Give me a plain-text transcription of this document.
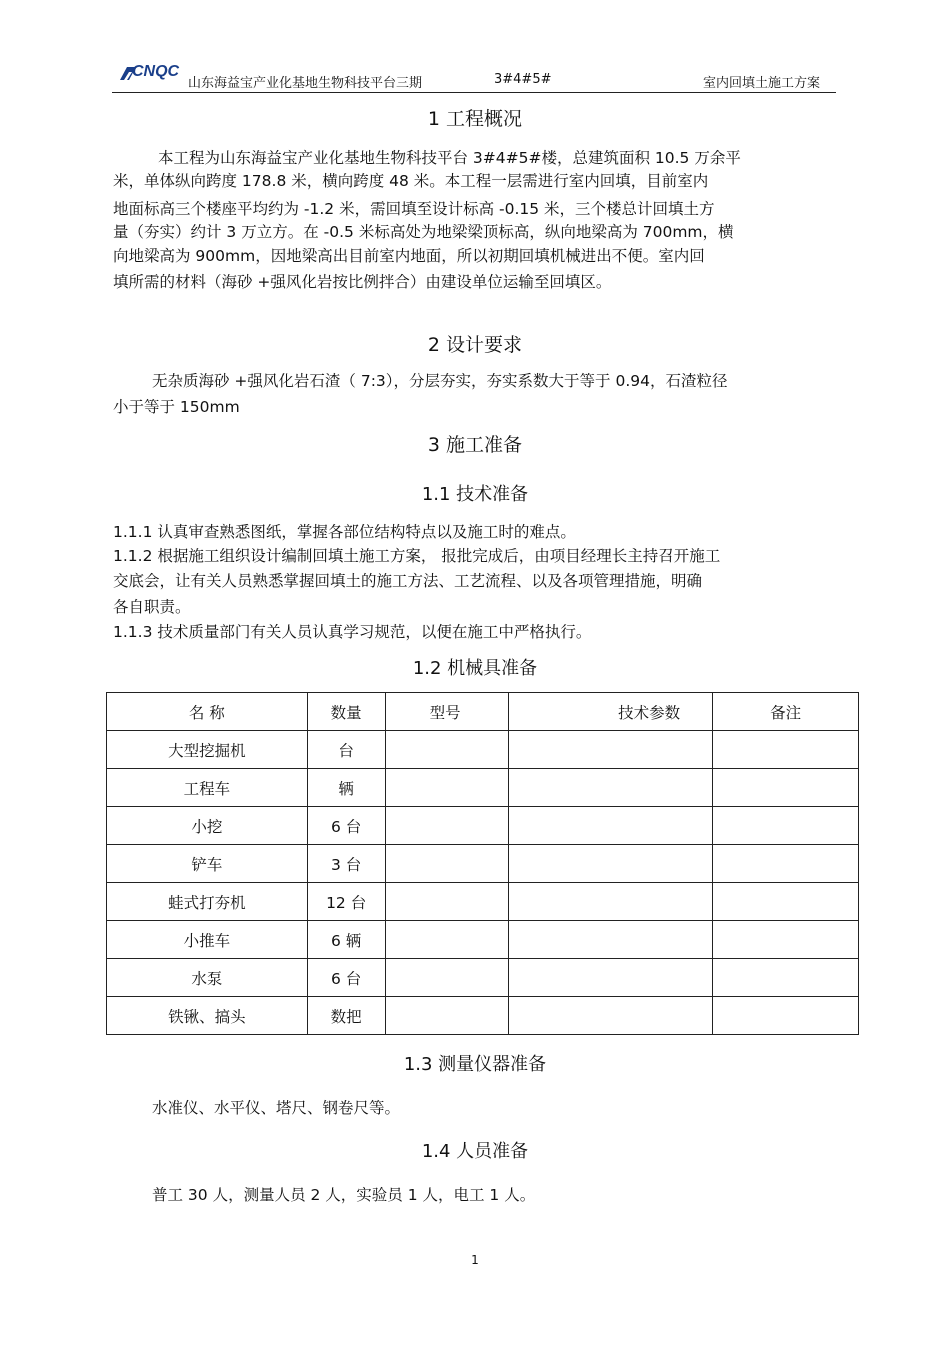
CNQC
山东海益宝产业化基地生物科技平台三期	3#4#5#	室内回填土施工方案
1 工程概况
本工程为山东海益宝产业化基地生物科技平台 3#4#5#楼，总建筑面积 10.5 万余平
米，单体纵向跨度 178.8 米，横向跨度 48 米。本工程一层需进行室内回填，目前室内
地面标高三个楼座平均约为 -1.2 米，需回填至设计标高 -0.15 米，三个楼总计回填土方
量（夯实）约计 3 万立方。在 -0.5 米标高处为地梁梁顶标高，纵向地梁高为 700mm，横
向地梁高为 900mm，因地梁高出目前室内地面，所以初期回填机械进出不便。室内回
填所需的材料（海砂 +强风化岩按比例拌合）由建设单位运输至回填区。
2 设计要求
无杂质海砂 +强风化岩石渣（ 7:3），分层夯实，夯实系数大于等于 0.94，石渣粒径
小于等于 150mm
3 施工准备
1.1 技术准备
1.1.1 认真审查熟悉图纸，掌握各部位结构特点以及施工时的难点。
1.1.2 根据施工组织设计编制回填土施工方案， 报批完成后，由项目经理长主持召开施工
交底会，让有关人员熟悉掌握回填土的施工方法、工艺流程、以及各项管理措施，明确
各自职责。
1.1.3 技术质量部门有关人员认真学习规范，以便在施工中严格执行。
1.2 机械具准备
名 称	数量	型号	技术参数	备注
大型挖掘机	台			
工程车	辆			
小挖	6 台			
铲车	3 台			
蛙式打夯机	12 台			
小推车	6 辆			
水泵	6 台			
铁锹、搞头	数把			
1.3 测量仪器准备
水准仪、水平仪、塔尺、钢卷尺等。
1.4 人员准备
普工 30 人，测量人员 2 人，实验员 1 人，电工 1 人。
1
